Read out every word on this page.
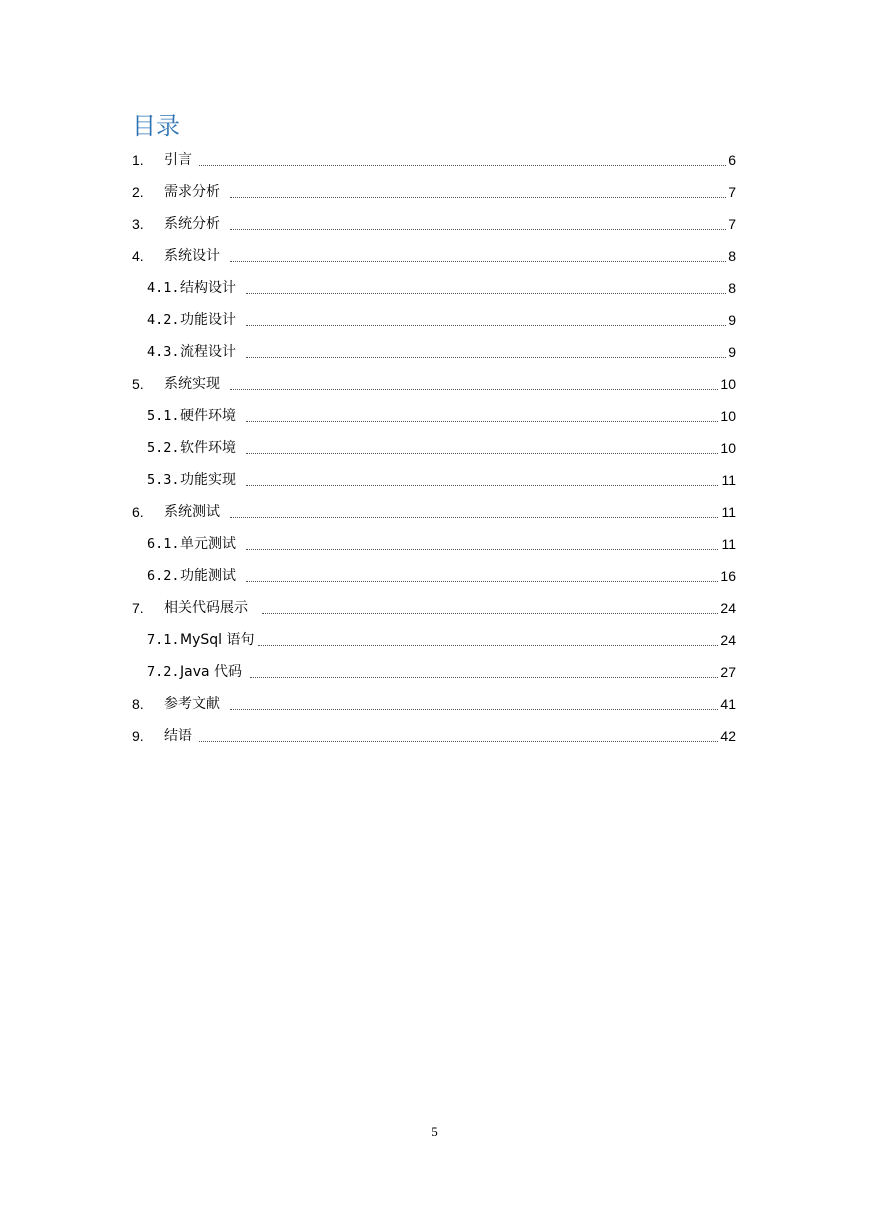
目录
1. 引言	6
2. 需求分析	7
3. 系统分析	7
4. 系统设计	8
4.1. 结构设计	8
4.2. 功能设计	9
4.3. 流程设计	9
5. 系统实现	10
5.1. 硬件环境	10
5.2. 软件环境	10
5.3. 功能实现	11
6. 系统测试	11
6.1. 单元测试	11
6.2. 功能测试	16
7. 相关代码展示	24
7.1. MySql 语句	24
7.2. Java 代码	27
8. 参考文献	41
9. 结语	42
5
